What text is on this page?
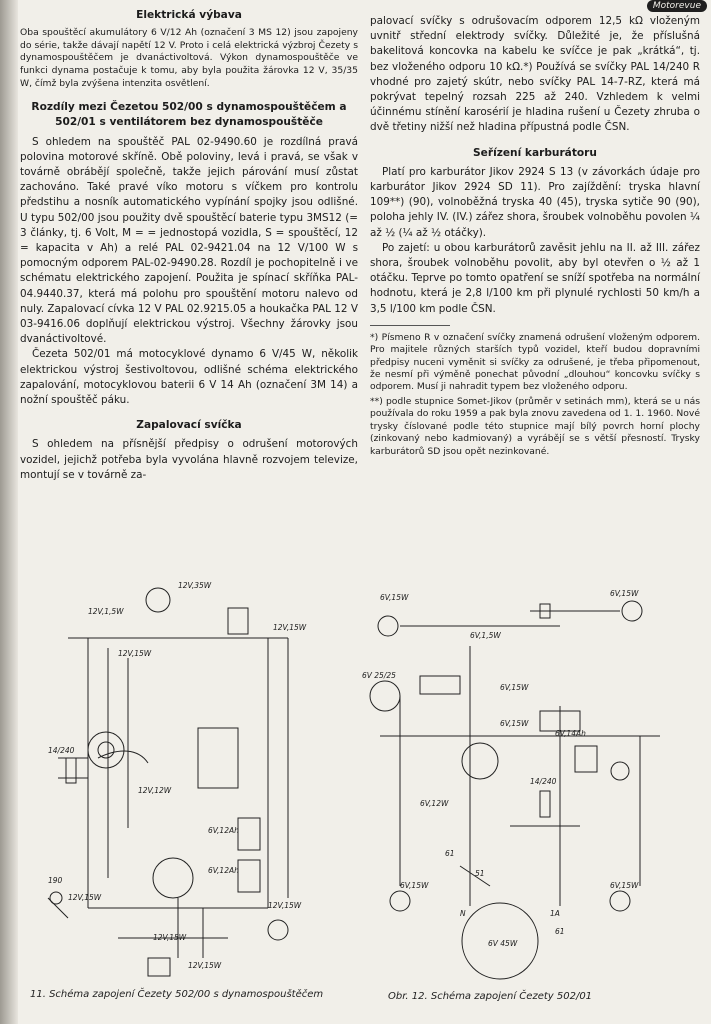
Motorevue

Elektrická výbava

Oba spouštěcí akumulátory 6 V/12 Ah (označení 3 MS 12) jsou zapojeny do série, takže dávají napětí 12 V. Proto i celá elektrická výzbroj Čezety s dynamospouštěčem je dvanáctivoltová. Výkon dynamospouštěče ve funkci dynama postačuje k tomu, aby byla použita žárovka 12 V, 35/35 W, čímž byla zvýšena intenzita osvětlení.

Rozdíly mezi Čezetou 502/00 s dynamospouštěčem a 502/01 s ventilátorem bez dynamospouštěče

S ohledem na spouštěč PAL 02-9490.60 je rozdílná pravá polovina motorové skříně. Obě poloviny, levá i pravá, se však v továrně obrábějí společně, takže jejich párování musí zůstat zachováno. Také pravé víko motoru s víčkem pro kontrolu předstihu a nosník automatického vypínání spojky jsou odlišné. U typu 502/00 jsou použity dvě spouštěcí baterie typu 3MS12 (= 3 články, tj. 6 Volt, M = = jednostopá vozidla, S = spouštěcí, 12 = kapacita v Ah) a relé PAL 02-9421.04 na 12 V/100 W s pomocným odporem PAL-02-9490.28. Rozdíl je pochopitelně i ve schématu elektrického zapojení. Použita je spínací skříňka PAL-04.9440.37, která má polohu pro spouštění motoru nalevo od nuly. Zapalovací cívka 12 V PAL 02.9215.05 a houkačka PAL 12 V 03-9416.06 doplňují elektrickou výstroj. Všechny žárovky jsou dvanáctivoltové.

Čezeta 502/01 má motocyklové dynamo 6 V/45 W, několik elektrickou výstroj šestivoltovou, odlišné schéma elektrického zapalování, motocyklovou baterii 6 V 14 Ah (označení 3M 14) a nožní spouštěč páku.

Zapalovací svíčka

S ohledem na přísnější předpisy o odrušení motorových vozidel, jejichž potřeba byla vyvolána hlavně rozvojem televize, montují se v továrně za-

palovací svíčky s odrušovacím odporem 12,5 kΩ vloženým uvnitř střední elektrody svíčky. Důležité je, že příslušná bakelitová koncovka na kabelu ke svíčce je pak „krátká“, tj. bez vloženého odporu 10 kΩ.*) Používá se svíčky PAL 14/240 R vhodné pro zajetý skútr, nebo svíčky PAL 14-7-RZ, která má pokrývat tepelný rozsah 225 až 240. Vzhledem k velmi účinnému stínění karosérií je hladina rušení u Čezety zhruba o dvě třetiny nižší než hladina přípustná podle ČSN.

Seřízení karburátoru

Platí pro karburátor Jikov 2924 S 13 (v závorkách údaje pro karburátor Jikov 2924 SD 11). Pro zajíždění: tryska hlavní 109**) (90), volnoběžná tryska 40 (45), tryska sytiče 90 (90), poloha jehly IV. (IV.) zářez shora, šroubek volnoběhu povolen ¼ až ½ (¼ až ½ otáčky).

Po zajetí: u obou karburátorů zavěsit jehlu na II. až III. zářez shora, šroubek volnoběhu povolit, aby byl otevřen o ½ až 1 otáčku. Teprve po tomto opatření se sníží spotřeba na normální hodnotu, která je 2,8 l/100 km při plynulé rychlosti 50 km/h a 3,5 l/100 km podle ČSN.

*) Písmeno R v označení svíčky znamená odrušení vloženým odporem. Pro majitele různých starších typů vozidel, kteří budou dopravními předpisy nuceni vyměnit si svíčky za odrušené, je třeba připomenout, že nesmí při výměně ponechat původní „dlouhou“ koncovku svíčky s odporem. Musí ji nahradit typem bez vloženého odporu.

**) podle stupnice Somet-Jikov (průměr v setinách mm), která se u nás používala do roku 1959 a pak byla znovu zavedena od 1. 1. 1960. Nové trysky číslované podle této stupnice mají bílý povrch horní plochy (zinkovaný nebo kadmiovaný) a vyrábějí se s větší přesností. Trysky karburátorů SD jsou opět nezinkované.

12V,1,5W
12V,35W
12V,15W
12V,15W
14/240
12V,12W
6V,12Ah
6V,12Ah
190
12V,15W
12V,15W
12V,15W
12V,15W
6V,15W	6V,15W
6V,1,5W
6V 25/25
6V,15W
6V,15W
6V,14Ah
14/240
6V,12W
61
51
N
6V,15W	6V,15W
1A
61
6V 45W
11. Schéma zapojení Čezety 502/00 s dynamospouštěčem	Obr. 12. Schéma zapojení Čezety 502/01
